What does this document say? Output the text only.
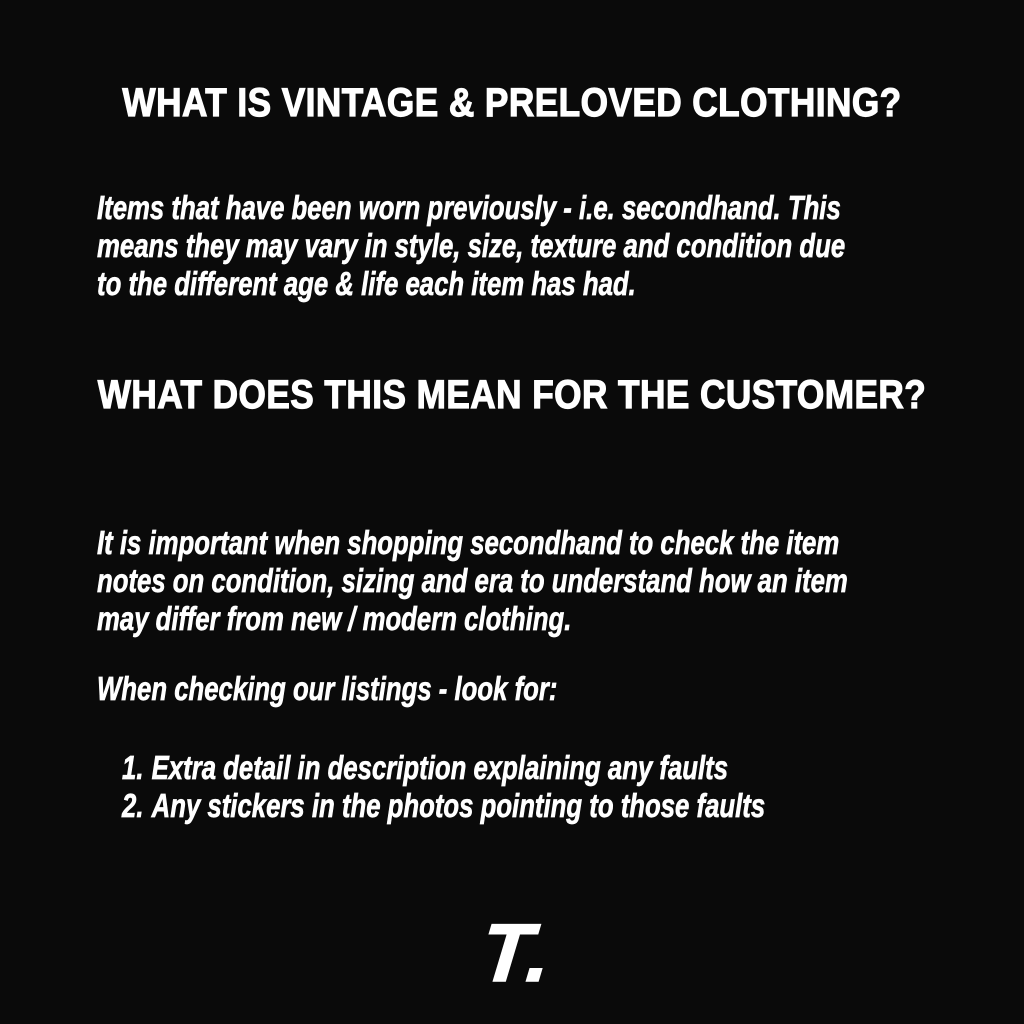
WHAT IS VINTAGE & PRELOVED CLOTHING?
Items that have been worn previously - i.e. secondhand. This
means they may vary in style, size, texture and condition due
to the different age & life each item has had.
WHAT DOES THIS MEAN FOR THE CUSTOMER?
It is important when shopping secondhand to check the item
notes on condition, sizing and era to understand how an item
may differ from new / modern clothing.
When checking our listings - look for:
1. Extra detail in description explaining any faults
2. Any stickers in the photos pointing to those faults
T.
